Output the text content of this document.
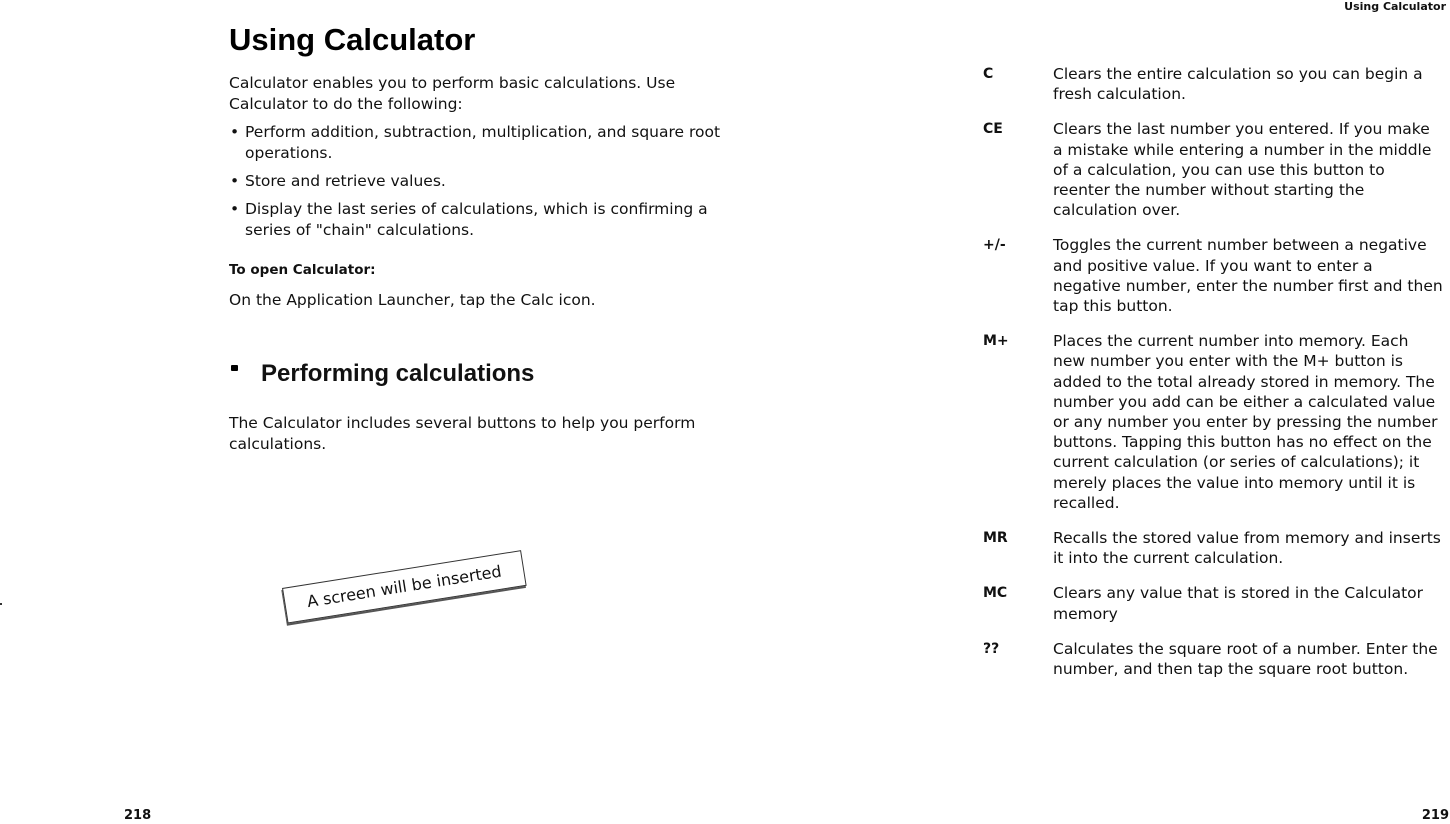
Using Calculator
Using Calculator

Calculator enables you to perform basic calculations. Use Calculator to do the following:

• Perform addition, subtraction, multiplication, and square root operations.
• Store and retrieve values.
• Display the last series of calculations, which is confirming a series of "chain" calculations.

To open Calculator:

On the Application Launcher, tap the Calc icon.

Performing calculations

The Calculator includes several buttons to help you perform calculations.

A screen will be inserted
C	Clears the entire calculation so you can begin a fresh calculation.
CE	Clears the last number you entered. If you make a mistake while entering a number in the middle of a calculation, you can use this button to reenter the number without starting the calculation over.
+/-	Toggles the current number between a negative and positive value. If you want to enter a negative number, enter the number first and then tap this button.
M+	Places the current number into memory. Each new number you enter with the M+ button is added to the total already stored in memory. The number you add can be either a calculated value or any number you enter by pressing the number buttons. Tapping this button has no effect on the current calculation (or series of calculations); it merely places the value into memory until it is recalled.
MR	Recalls the stored value from memory and inserts it into the current calculation.
MC	Clears any value that is stored in the Calculator memory
??	Calculates the square root of a number. Enter the number, and then tap the square root button.
218	219
